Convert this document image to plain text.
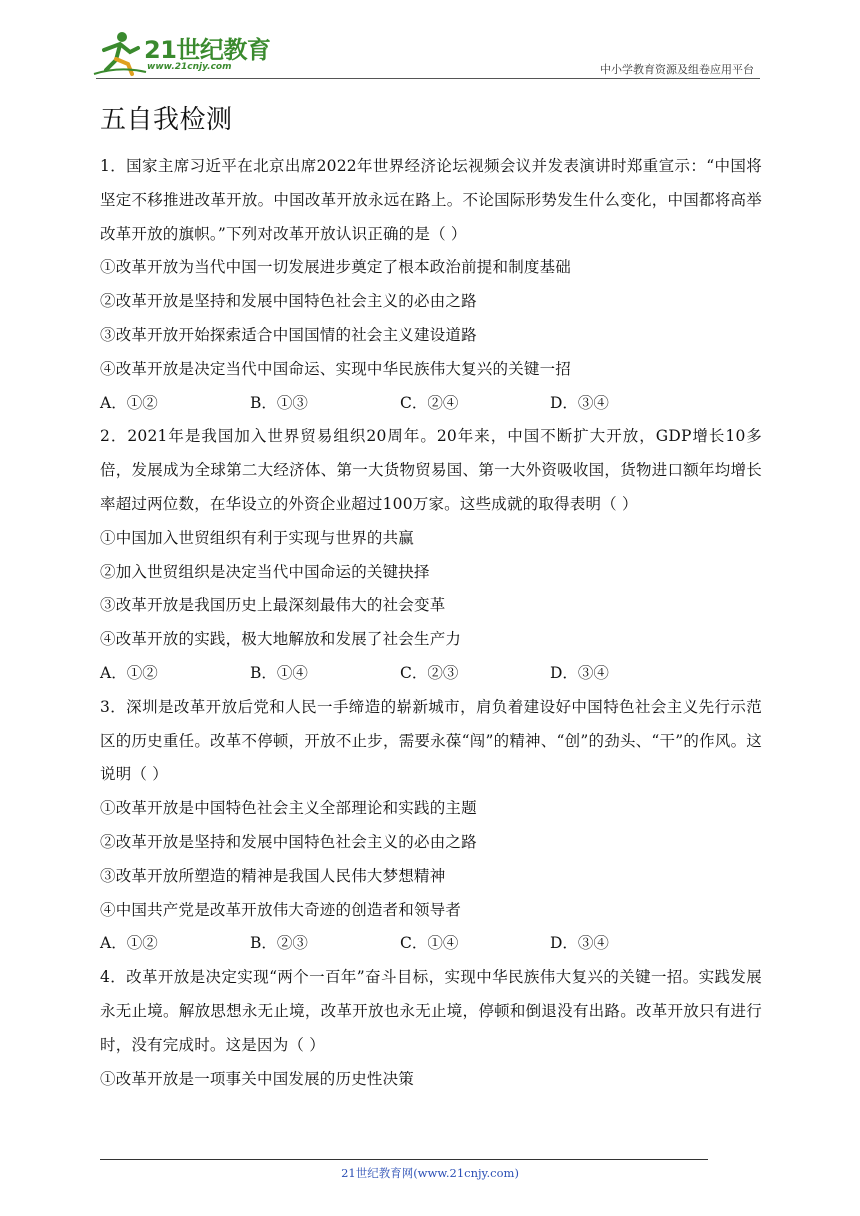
21世纪教育
www.21cnjy.com	中小学教育资源及组卷应用平台
五自我检测

1．国家主席习近平在北京出席2022年世界经济论坛视频会议并发表演讲时郑重宣示：“中国将坚定不移推进改革开放。中国改革开放永远在路上。不论国际形势发生什么变化，中国都将高举改革开放的旗帜。”下列对改革开放认识正确的是（ ）

①改革开放为当代中国一切发展进步奠定了根本政治前提和制度基础

②改革开放是坚持和发展中国特色社会主义的必由之路

③改革开放开始探索适合中国国情的社会主义建设道路

④改革开放是决定当代中国命运、实现中华民族伟大复兴的关键一招

A．①②	B．①③	C．②④	D．③④

2．2021年是我国加入世界贸易组织20周年。20年来，中国不断扩大开放，GDP增长10多倍，发展成为全球第二大经济体、第一大货物贸易国、第一大外资吸收国，货物进口额年均增长率超过两位数，在华设立的外资企业超过100万家。这些成就的取得表明（ ）

①中国加入世贸组织有利于实现与世界的共赢

②加入世贸组织是决定当代中国命运的关键抉择

③改革开放是我国历史上最深刻最伟大的社会变革

④改革开放的实践，极大地解放和发展了社会生产力

A．①②	B．①④	C．②③	D．③④

3．深圳是改革开放后党和人民一手缔造的崭新城市，肩负着建设好中国特色社会主义先行示范区的历史重任。改革不停顿，开放不止步，需要永葆“闯”的精神、“创”的劲头、“干”的作风。这说明（ ）

①改革开放是中国特色社会主义全部理论和实践的主题

②改革开放是坚持和发展中国特色社会主义的必由之路

③改革开放所塑造的精神是我国人民伟大梦想精神

④中国共产党是改革开放伟大奇迹的创造者和领导者

A．①②	B．②③	C．①④	D．③④

4．改革开放是决定实现“两个一百年”奋斗目标，实现中华民族伟大复兴的关键一招。实践发展永无止境。解放思想永无止境，改革开放也永无止境，停顿和倒退没有出路。改革开放只有进行时，没有完成时。这是因为（ ）

①改革开放是一项事关中国发展的历史性决策

21世纪教育网(www.21cnjy.com)
